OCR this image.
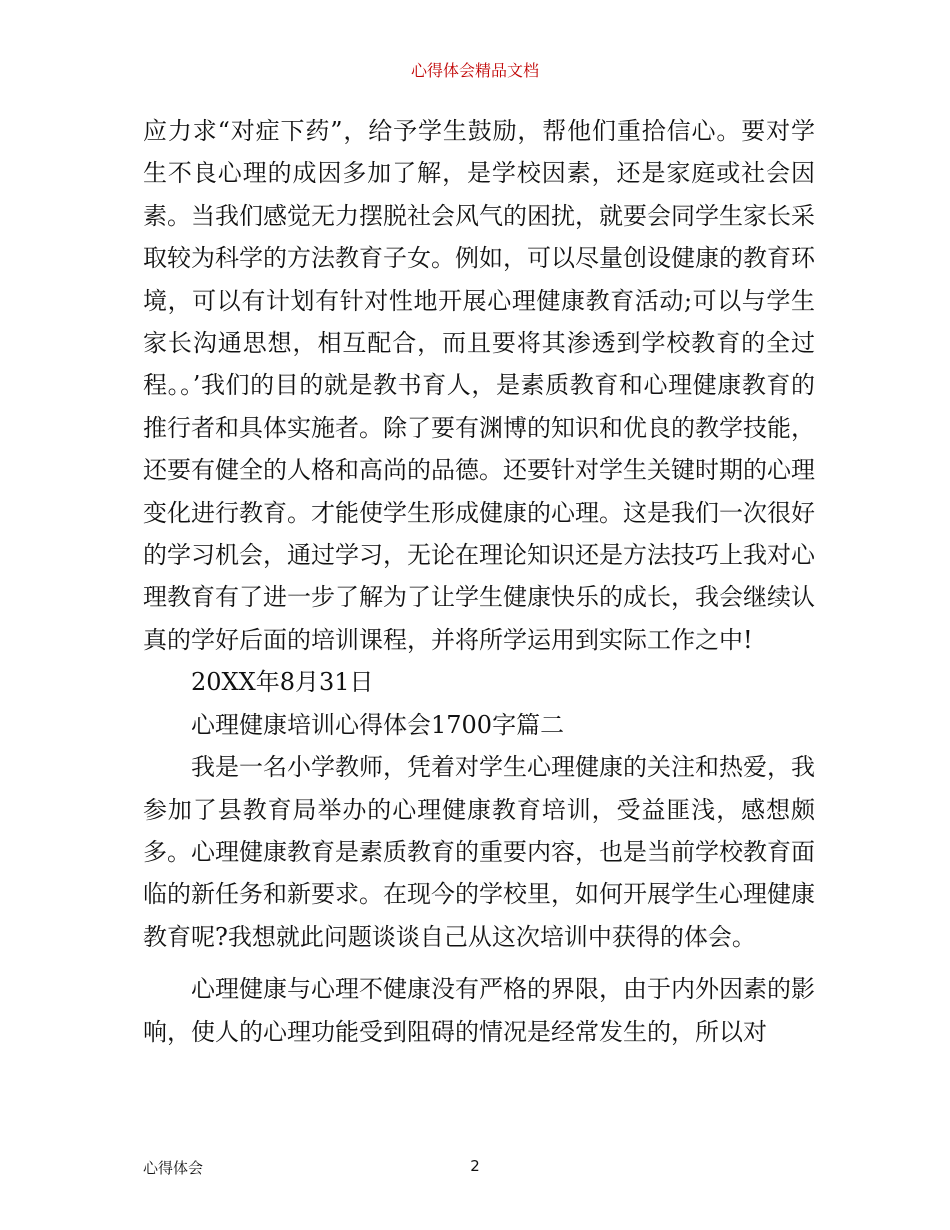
心得体会精品文档

应力求“对症下药”，给予学生鼓励，帮他们重拾信心。要对学生不良心理的成因多加了解，是学校因素，还是家庭或社会因素。当我们感觉无力摆脱社会风气的困扰，就要会同学生家长采取较为科学的方法教育子女。例如，可以尽量创设健康的教育环境，可以有计划有针对性地开展心理健康教育活动;可以与学生家长沟通思想，相互配合，而且要将其渗透到学校教育的全过程。。’我们的目的就是教书育人，是素质教育和心理健康教育的推行者和具体实施者。除了要有渊博的知识和优良的教学技能，还要有健全的人格和高尚的品德。还要针对学生关键时期的心理变化进行教育。才能使学生形成健康的心理。这是我们一次很好的学习机会，通过学习，无论在理论知识还是方法技巧上我对心理教育有了进一步了解为了让学生健康快乐的成长，我会继续认真的学好后面的培训课程，并将所学运用到实际工作之中!

20XX年8月31日

心理健康培训心得体会1700字篇二

我是一名小学教师，凭着对学生心理健康的关注和热爱，我参加了县教育局举办的心理健康教育培训，受益匪浅，感想颇多。心理健康教育是素质教育的重要内容，也是当前学校教育面临的新任务和新要求。在现今的学校里，如何开展学生心理健康教育呢?我想就此问题谈谈自己从这次培训中获得的体会。

心理健康与心理不健康没有严格的界限，由于内外因素的影响，使人的心理功能受到阻碍的情况是经常发生的，所以对

心得体会	2
